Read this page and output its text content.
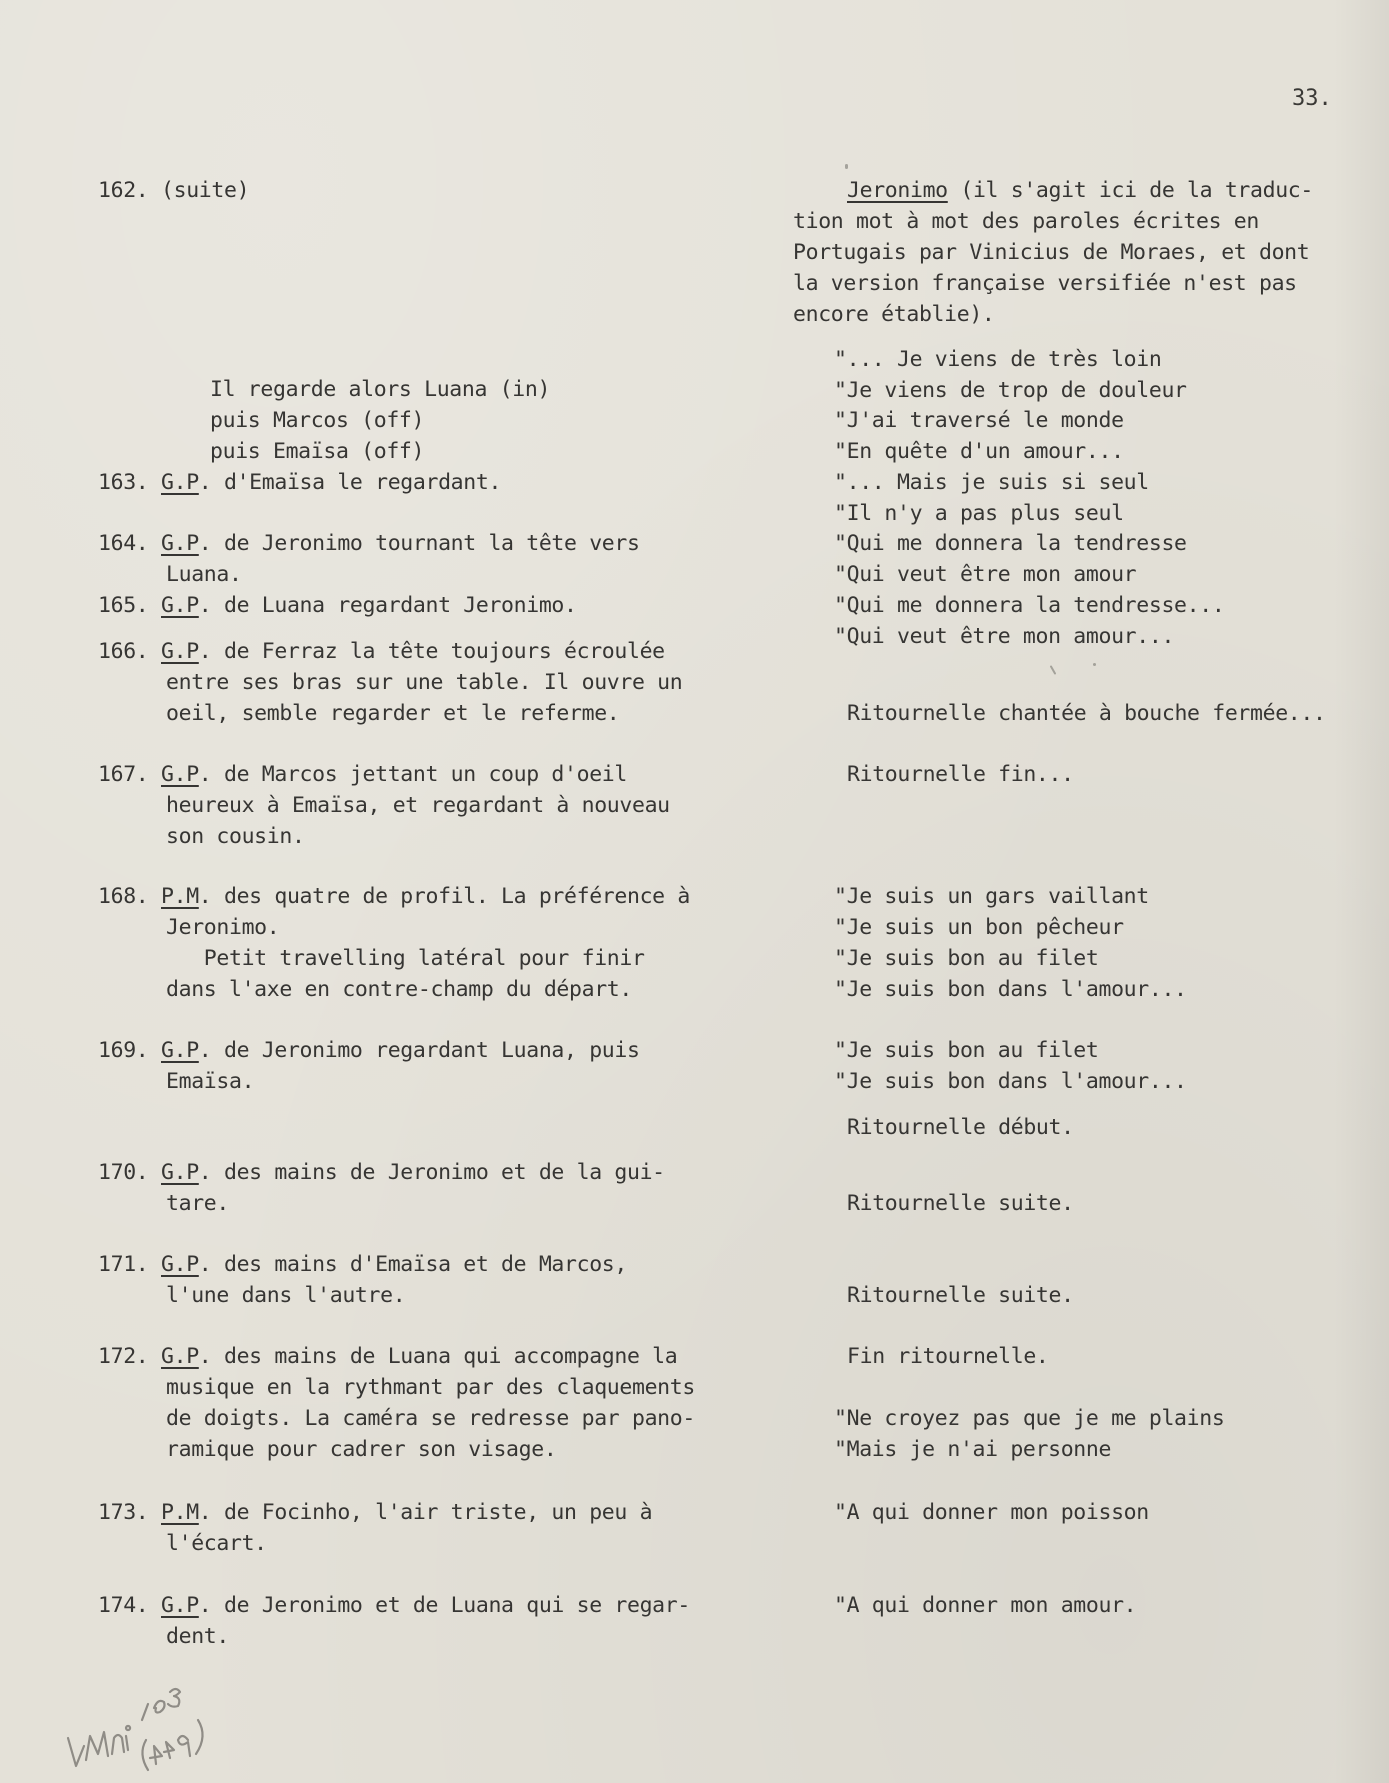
33.
Jeronimo (il s'agit ici de la traduc-
tion mot à mot des paroles écrites en
Portugais par Vinicius de Moraes, et dont
la version française versifiée n'est pas
encore établie).
162. (suite)
Il regarde alors Luana (in)
puis Marcos (off)
puis Emaïsa (off)
163. G.P. d'Emaïsa le regardant.
164. G.P. de Jeronimo tournant la tête vers
Luana.
165. G.P. de Luana regardant Jeronimo.
166. G.P. de Ferraz la tête toujours écroulée
entre ses bras sur une table. Il ouvre un
oeil, semble regarder et le referme.
167. G.P. de Marcos jettant un coup d'oeil
heureux à Emaïsa, et regardant à nouveau
son cousin.
168. P.M. des quatre de profil. La préférence à
Jeronimo.
Petit travelling latéral pour finir
dans l'axe en contre-champ du départ.
169. G.P. de Jeronimo regardant Luana, puis
Emaïsa.
170. G.P. des mains de Jeronimo et de la gui-
tare.
171. G.P. des mains d'Emaïsa et de Marcos,
l'une dans l'autre.
172. G.P. des mains de Luana qui accompagne la
musique en la rythmant par des claquements
de doigts. La caméra se redresse par pano-
ramique pour cadrer son visage.
173. P.M. de Focinho, l'air triste, un peu à
l'écart.
174. G.P. de Jeronimo et de Luana qui se regar-
dent.
"... Je viens de très loin
"Je viens de trop de douleur
"J'ai traversé le monde
"En quête d'un amour...
"... Mais je suis si seul
"Il n'y a pas plus seul
"Qui me donnera la tendresse
"Qui veut être mon amour
"Qui me donnera la tendresse...
"Qui veut être mon amour...
Ritournelle chantée à bouche fermée...
Ritournelle fin...
"Je suis un gars vaillant
"Je suis un bon pêcheur
"Je suis bon au filet
"Je suis bon dans l'amour...
"Je suis bon au filet
"Je suis bon dans l'amour...
Ritournelle début.
Ritournelle suite.
Ritournelle suite.
Fin ritournelle.
"Ne croyez pas que je me plains
"Mais je n'ai personne
"A qui donner mon poisson
"A qui donner mon amour.
